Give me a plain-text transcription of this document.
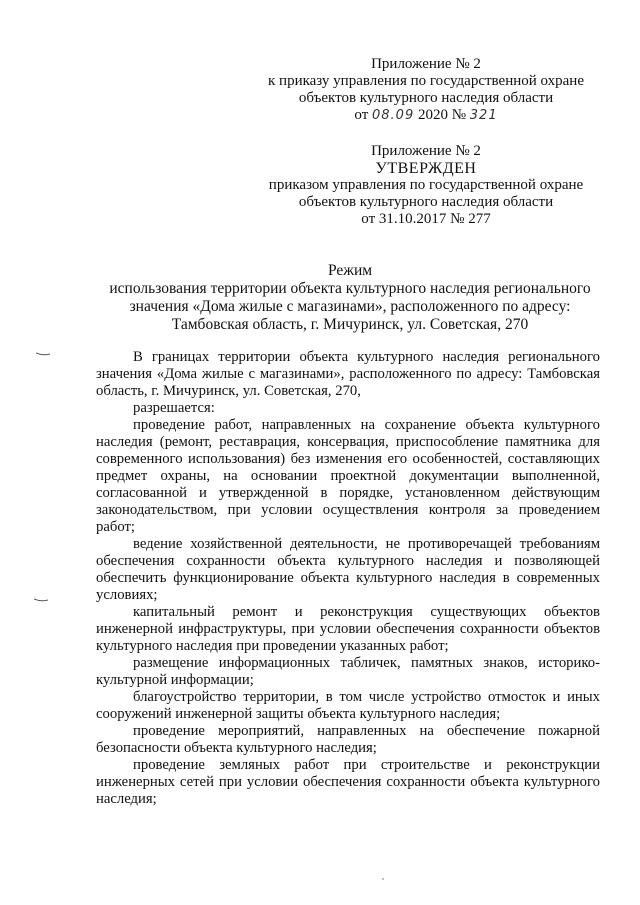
Приложение № 2
к приказу управления по государственной охране
объектов культурного наследия области
от 08.09 2020 № 321
Приложение № 2
УТВЕРЖДЕН
приказом управления по государственной охране
объектов культурного наследия области
от 31.10.2017 № 277
Режим
использования территории объекта культурного наследия регионального
значения «Дома жилые с магазинами», расположенного по адресу:
Тамбовская область, г. Мичуринск, ул. Советская, 270
В границах территории объекта культурного наследия регионального значения «Дома жилые с магазинами», расположенного по адресу: Тамбовская область, г. Мичуринск, ул. Советская, 270,
разрешается:
проведение работ, направленных на сохранение объекта культурного наследия (ремонт, реставрация, консервация, приспособление памятника для современного использования) без изменения его особенностей, составляющих предмет охраны, на основании проектной документации выполненной, согласованной и утвержденной в порядке, установленном действующим законодательством, при условии осуществления контроля за проведением работ;
ведение хозяйственной деятельности, не противоречащей требованиям обеспечения сохранности объекта культурного наследия и позволяющей обеспечить функционирование объекта культурного наследия в современных условиях;
капитальный ремонт и реконструкция существующих объектов инженерной инфраструктуры, при условии обеспечения сохранности объектов культурного наследия при проведении указанных работ;
размещение информационных табличек, памятных знаков, историко-культурной информации;
благоустройство территории, в том числе устройство отмосток и иных сооружений инженерной защиты объекта культурного наследия;
проведение мероприятий, направленных на обеспечение пожарной безопасности объекта культурного наследия;
проведение земляных работ при строительстве и реконструкции инженерных сетей при условии обеспечения сохранности объекта культурного наследия;
